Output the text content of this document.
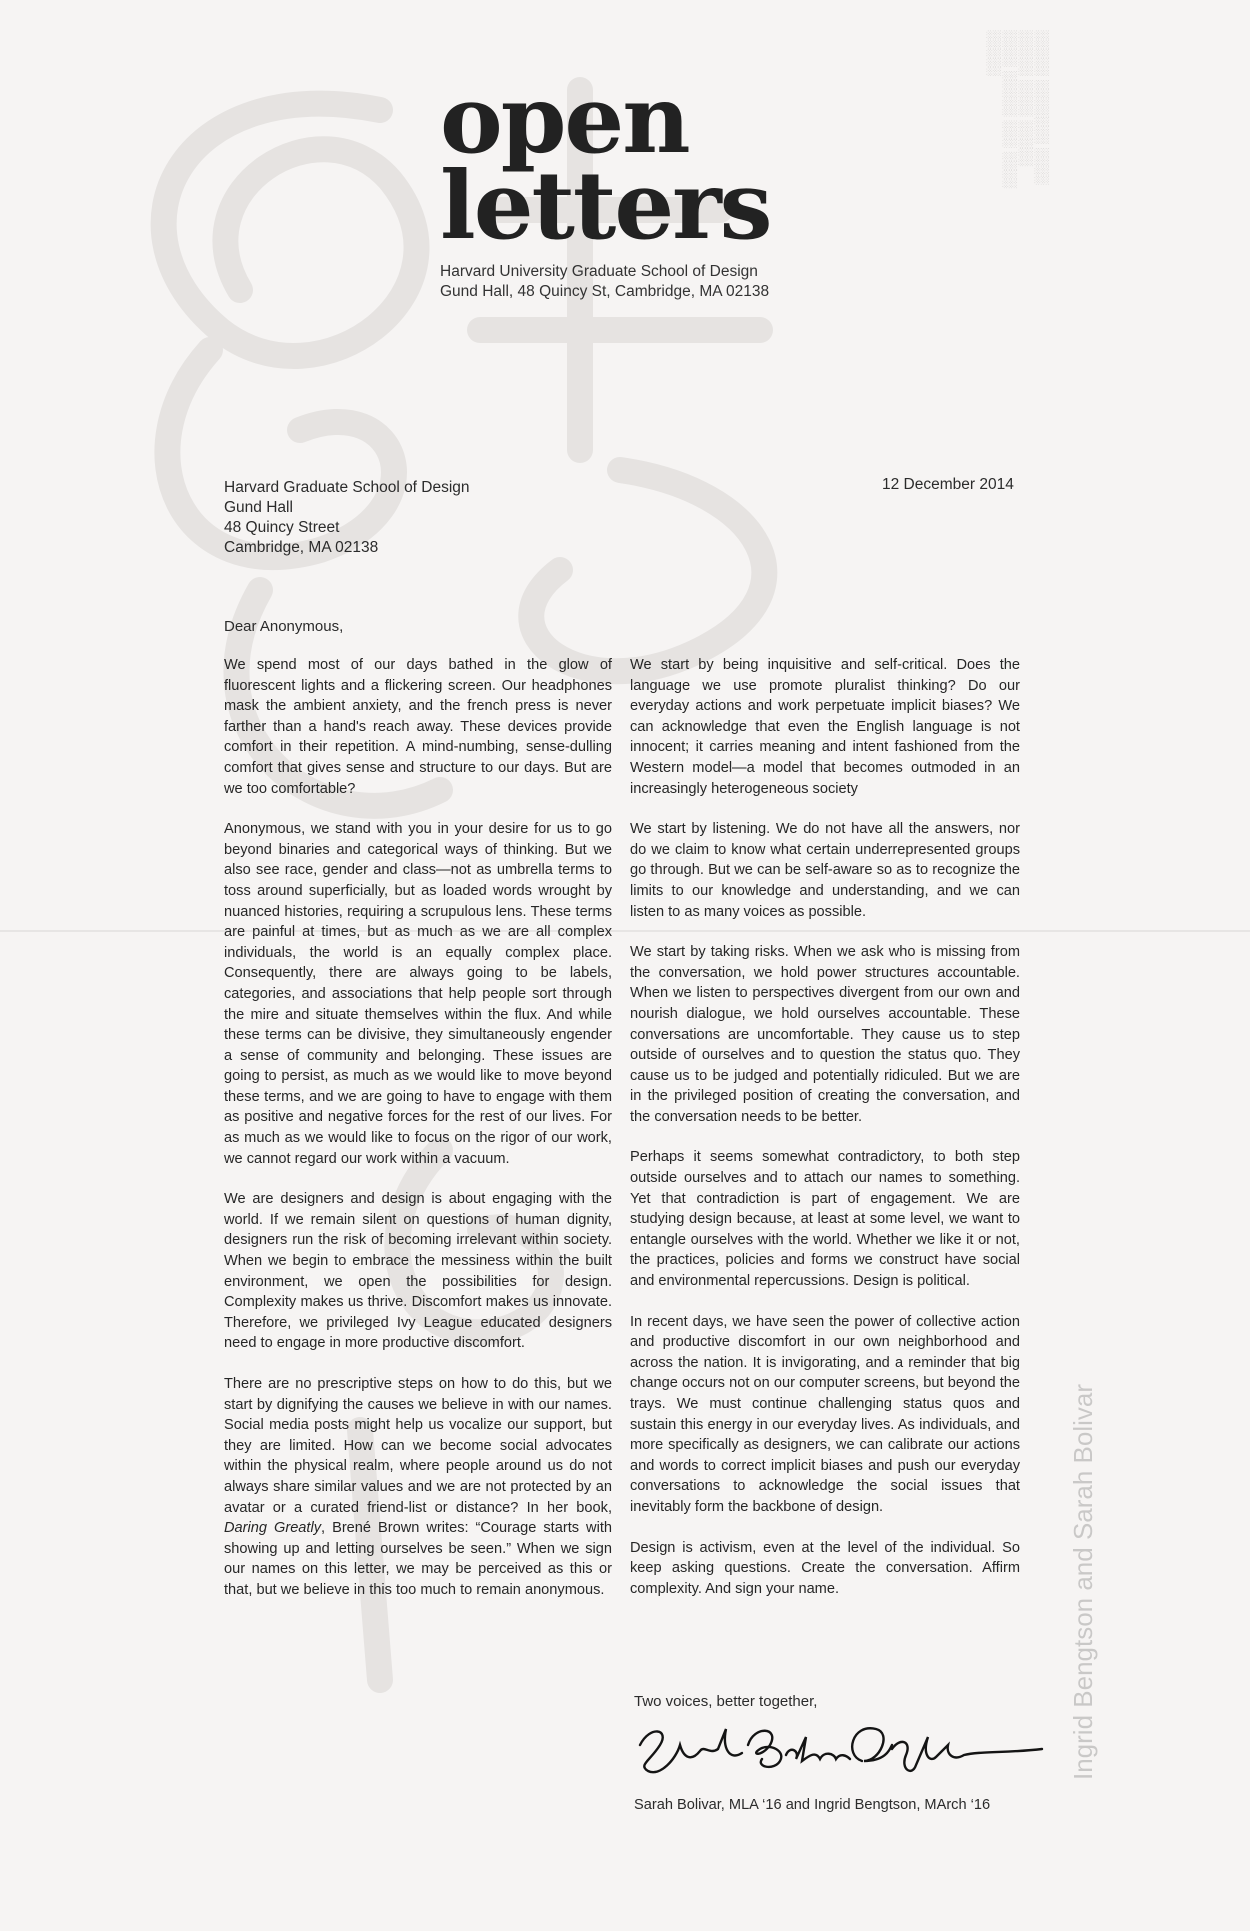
░░░░░ ░░░░░░░ ░░░░ ░░░░░ ░░░░ ░░░░░ ░░░░ ░░░░░ ░░░ ░░░░ ░░░░░
Ingrid Bengtson and Sarah Bolivar
open
letters
Harvard University Graduate School of Design
Gund Hall, 48 Quincy St, Cambridge, MA 02138
Harvard Graduate School of Design
Gund Hall
48 Quincy Street
Cambridge, MA 02138
12 December 2014
Dear Anonymous,

We spend most of our days bathed in the glow of fluorescent lights and a flickering screen. Our headphones mask the ambient anxiety, and the french press is never farther than a hand's reach away. These devices provide comfort in their repetition. A mind-numbing, sense-dulling comfort that gives sense and structure to our days. But are we too comfortable?

Anonymous, we stand with you in your desire for us to go beyond binaries and categorical ways of thinking. But we also see race, gender and class—not as umbrella terms to toss around superficially, but as loaded words wrought by nuanced histories, requiring a scrupulous lens. These terms are painful at times, but as much as we are all complex individuals, the world is an equally complex place. Consequently, there are always going to be labels, categories, and associations that help people sort through the mire and situate themselves within the flux. And while these terms can be divisive, they simultaneously engender a sense of community and belonging. These issues are going to persist, as much as we would like to move beyond these terms, and we are going to have to engage with them as positive and negative forces for the rest of our lives. For as much as we would like to focus on the rigor of our work, we cannot regard our work within a vacuum.

We are designers and design is about engaging with the world. If we remain silent on questions of human dignity, designers run the risk of becoming irrelevant within society. When we begin to embrace the messiness within the built environment, we open the possibilities for design. Complexity makes us thrive. Discomfort makes us innovate. Therefore, we privileged Ivy League educated designers need to engage in more productive discomfort.

There are no prescriptive steps on how to do this, but we start by dignifying the causes we believe in with our names. Social media posts might help us vocalize our support, but they are limited. How can we become social advocates within the physical realm, where people around us do not always share similar values and we are not protected by an avatar or a curated friend-list or distance? In her book, Daring Greatly, Brené Brown writes: “Courage starts with showing up and letting ourselves be seen.” When we sign our names on this letter, we may be perceived as this or that, but we believe in this too much to remain anonymous.

We start by being inquisitive and self-critical. Does the language we use promote pluralist thinking? Do our everyday actions and work perpetuate implicit biases? We can acknowledge that even the English language is not innocent; it carries meaning and intent fashioned from the Western model—a model that becomes outmoded in an increasingly heterogeneous society

We start by listening. We do not have all the answers, nor do we claim to know what certain underrepresented groups go through. But we can be self-aware so as to recognize the limits to our knowledge and understanding, and we can listen to as many voices as possible.

We start by taking risks. When we ask who is missing from the conversation, we hold power structures accountable. When we listen to perspectives divergent from our own and nourish dialogue, we hold ourselves accountable. These conversations are uncomfortable. They cause us to step outside of ourselves and to question the status quo. They cause us to be judged and potentially ridiculed. But we are in the privileged position of creating the conversation, and the conversation needs to be better.

Perhaps it seems somewhat contradictory, to both step outside ourselves and to attach our names to something. Yet that contradiction is part of engagement. We are studying design because, at least at some level, we want to entangle ourselves with the world. Whether we like it or not, the practices, policies and forms we construct have social and environmental repercussions. Design is political.

In recent days, we have seen the power of collective action and productive discomfort in our own neighborhood and across the nation. It is invigorating, and a reminder that big change occurs not on our computer screens, but beyond the trays. We must continue challenging status quos and sustain this energy in our everyday lives. As individuals, and more specifically as designers, we can calibrate our actions and words to correct implicit biases and push our everyday conversations to acknowledge the social issues that inevitably form the backbone of design.

Design is activism, even at the level of the individual. So keep asking questions. Create the conversation. Affirm complexity. And sign your name.

Two voices, better together,
Sarah Bolivar, MLA ‘16 and Ingrid Bengtson, MArch ‘16
